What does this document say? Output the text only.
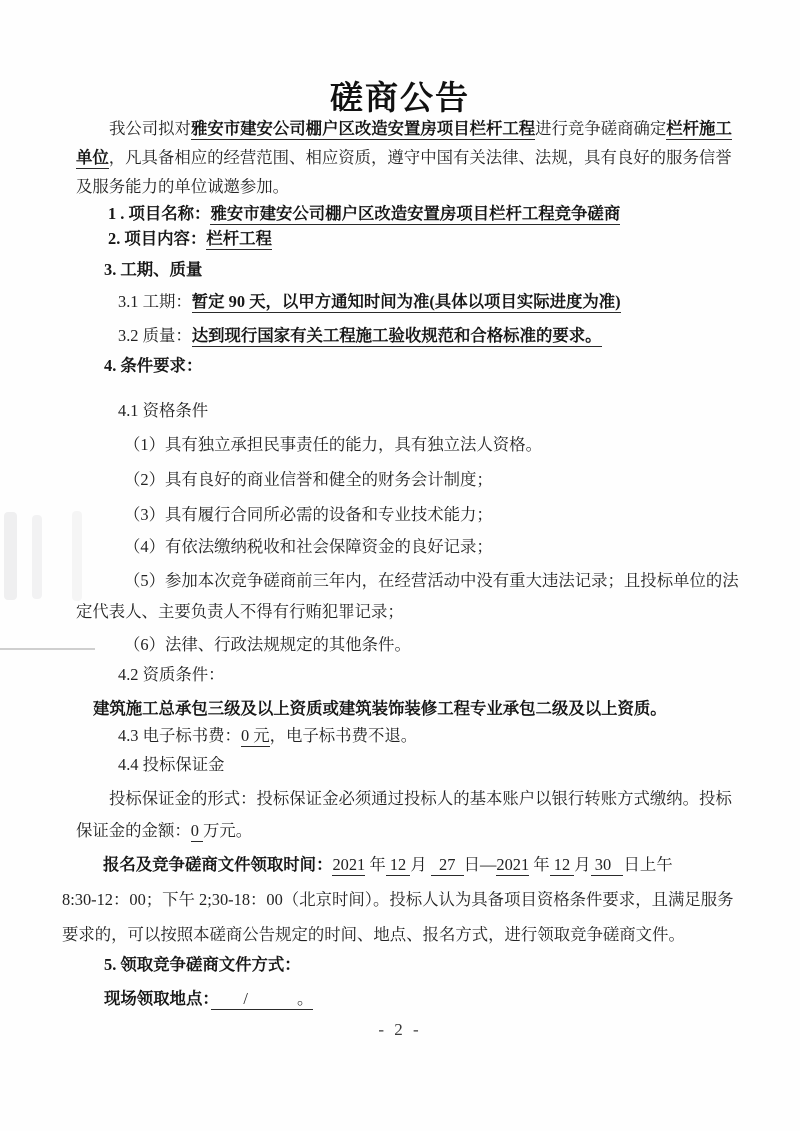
磋商公告

我公司拟对雅安市建安公司棚户区改造安置房项目栏杆工程进行竞争磋商确定栏杆施工单位，凡具备相应的经营范围、相应资质，遵守中国有关法律、法规，具有良好的服务信誉及服务能力的单位诚邀参加。

1 . 项目名称：雅安市建安公司棚户区改造安置房项目栏杆工程竞争磋商

2. 项目内容：栏杆工程

3. 工期、质量

3.1 工期：暂定 90 天，以甲方通知时间为准(具体以项目实际进度为准)

3.2 质量：达到现行国家有关工程施工验收规范和合格标准的要求。

4. 条件要求：

4.1 资格条件

（1）具有独立承担民事责任的能力，具有独立法人资格。

（2）具有良好的商业信誉和健全的财务会计制度；

（3）具有履行合同所必需的设备和专业技术能力；

（4）有依法缴纳税收和社会保障资金的良好记录；

（5）参加本次竞争磋商前三年内，在经营活动中没有重大违法记录；且投标单位的法定代表人、主要负责人不得有行贿犯罪记录；

（6）法律、行政法规规定的其他条件。

4.2 资质条件：

建筑施工总承包三级及以上资质或建筑装饰装修工程专业承包二级及以上资质。

4.3 电子标书费：0 元，电子标书费不退。

4.4 投标保证金

投标保证金的形式：投标保证金必须通过投标人的基本账户以银行转账方式缴纳。投标保证金的金额：0 万元。

报名及竞争磋商文件领取时间：2021 年 12 月   27  日—2021 年 12 月 30   日上午
8:30-12：00；下午 2;30-18：00（北京时间）。投标人认为具备项目资格条件要求，且满足服务要求的，可以按照本磋商公告规定的时间、地点、报名方式，进行领取竞争磋商文件。

5. 领取竞争磋商文件方式：

现场领取地点：　　/　　　。

- 2 -
